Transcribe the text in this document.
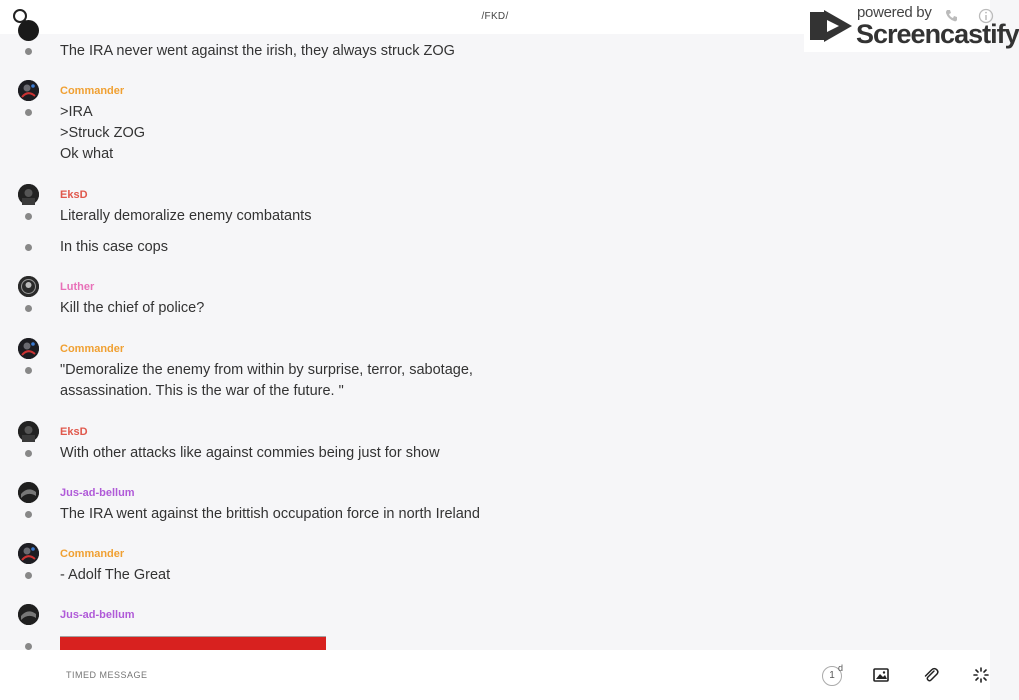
/FKD/	powered by
Screencastify
The IRA never went against the irish, they always struck ZOG
Commander
>IRA
>Struck ZOG
Ok what
EksD
Literally demoralize enemy combatants
In this case cops
Luther
Kill the chief of police?
Commander
"Demoralize the enemy from within by surprise, terror, sabotage,
assassination. This is the war of the future. "
EksD
With other attacks like against commies being just for show
Jus-ad-bellum
The IRA went against the brittish occupation force in north Ireland
Commander
- Adolf The Great
Jus-ad-bellum
TIMED MESSAGE
1
d
